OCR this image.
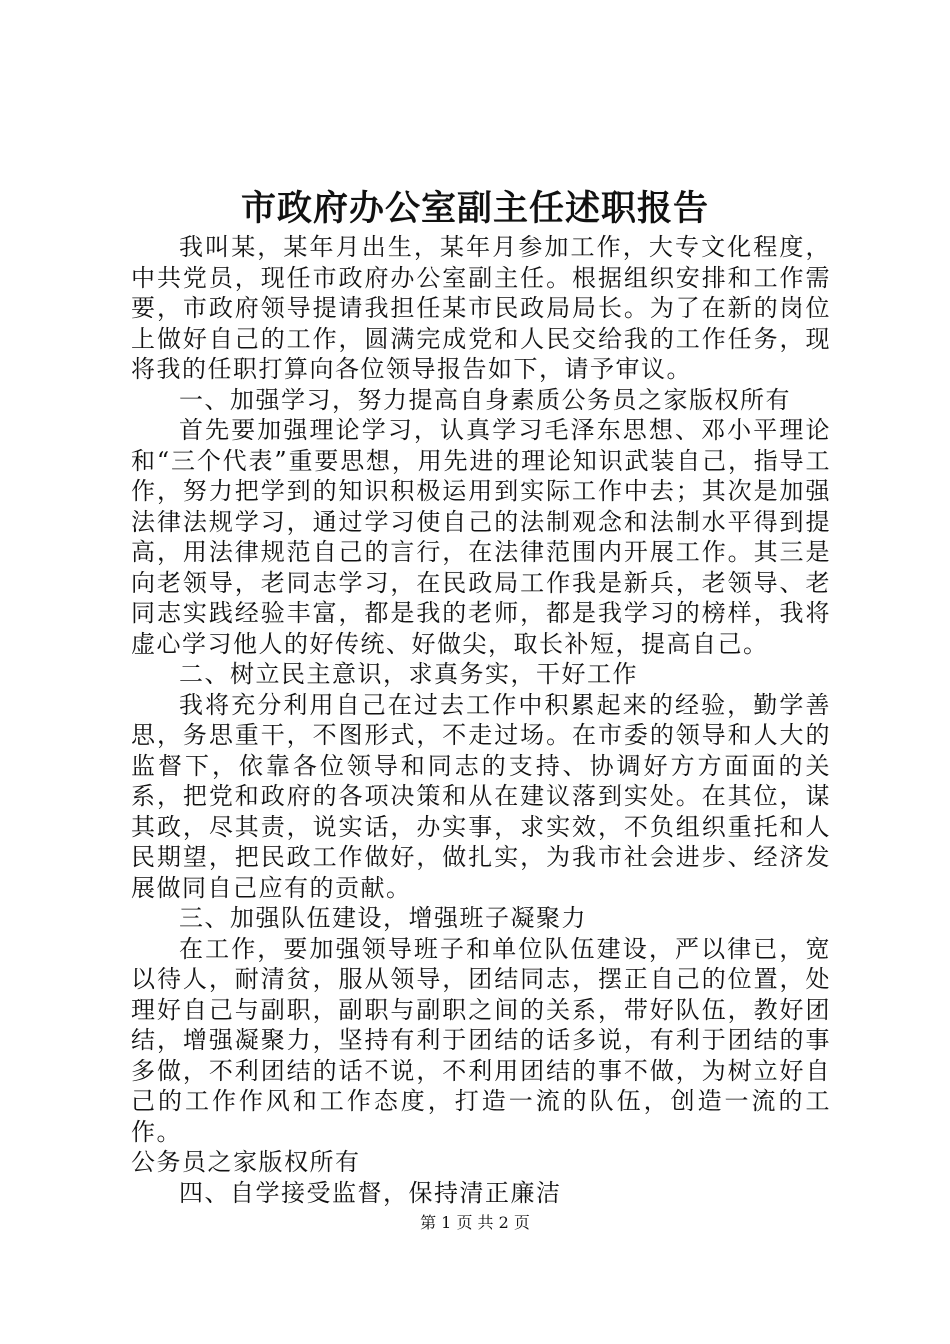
市政府办公室副主任述职报告

我叫某，某年月出生，某年月参加工作，大专文化程度，中共党员，现任市政府办公室副主任。根据组织安排和工作需要，市政府领导提请我担任某市民政局局长。为了在新的岗位上做好自己的工作，圆满完成党和人民交给我的工作任务，现将我的任职打算向各位领导报告如下，请予审议。

一、加强学习，努力提高自身素质公务员之家版权所有

首先要加强理论学习，认真学习毛泽东思想、邓小平理论和“三个代表”重要思想，用先进的理论知识武装自己，指导工作，努力把学到的知识积极运用到实际工作中去；其次是加强法律法规学习，通过学习使自己的法制观念和法制水平得到提高，用法律规范自己的言行，在法律范围内开展工作。其三是向老领导，老同志学习，在民政局工作我是新兵，老领导、老同志实践经验丰富，都是我的老师，都是我学习的榜样，我将虚心学习他人的好传统、好做尖，取长补短，提高自己。

二、树立民主意识，求真务实，干好工作

我将充分利用自己在过去工作中积累起来的经验，勤学善思，务思重干，不图形式，不走过场。在市委的领导和人大的监督下，依靠各位领导和同志的支持、协调好方方面面的关系，把党和政府的各项决策和从在建议落到实处。在其位，谋其政，尽其责，说实话，办实事，求实效，不负组织重托和人民期望，把民政工作做好，做扎实，为我市社会进步、经济发展做同自己应有的贡献。

三、加强队伍建设，增强班子凝聚力

在工作，要加强领导班子和单位队伍建设，严以律已，宽以待人，耐清贫，服从领导，团结同志，摆正自己的位置，处理好自己与副职，副职与副职之间的关系，带好队伍，教好团结，增强凝聚力，坚持有利于团结的话多说，有利于团结的事多做，不利团结的话不说，不利用团结的事不做，为树立好自己的工作作风和工作态度，打造一流的队伍，创造一流的工作。

公务员之家版权所有

四、自学接受监督，保持清正廉洁

第 1 页 共 2 页
